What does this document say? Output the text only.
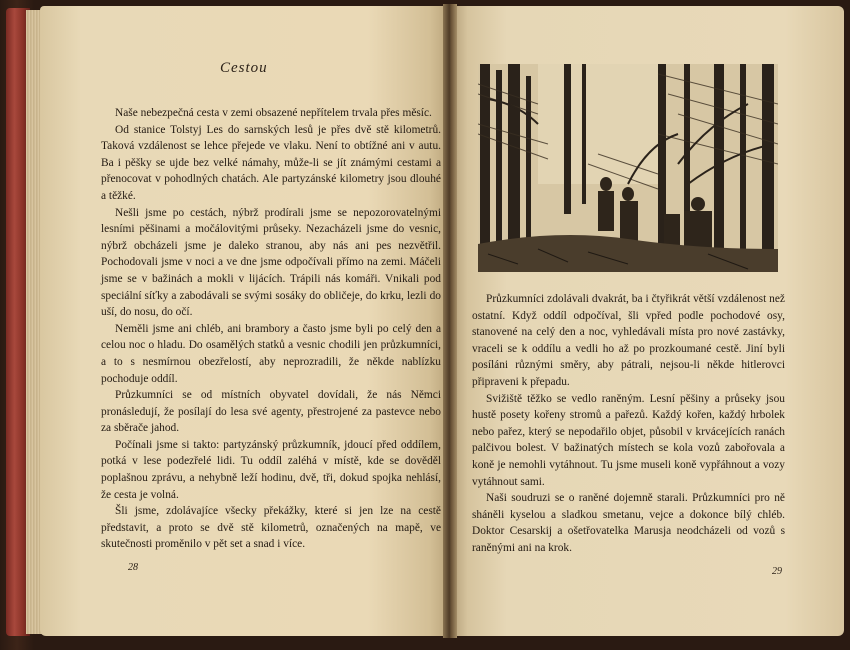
Cestou

Naše nebezpečná cesta v zemi obsazené nepřítelem trvala přes měsíc.

Od stanice Tolstyj Les do sarnských lesů je přes dvě stě kilometrů. Taková vzdálenost se lehce přejede ve vlaku. Není to obtížné ani v autu. Ba i pěšky se ujde bez velké námahy, může-li se jít známými cestami a přenocovat v pohodlných chatách. Ale partyzánské kilometry jsou dlouhé a těžké.

Nešli jsme po cestách, nýbrž prodírali jsme se nepozorovatelnými lesními pěšinami a močálovitými průseky. Nezacházeli jsme do vesnic, nýbrž obcházeli jsme je daleko stranou, aby nás ani pes nezvětřil. Pochodovali jsme v noci a ve dne jsme odpočívali přímo na zemi. Máčeli jsme se v bažinách a mokli v lijácích. Trápili nás komáři. Vnikali pod speciální síťky a zabodávali se svými sosáky do obličeje, do krku, lezli do uší, do nosu, do očí.

Neměli jsme ani chléb, ani brambory a často jsme byli po celý den a celou noc o hladu. Do osamělých statků a vesnic chodili jen průzkumníci, a to s nesmírnou obezřelostí, aby neprozradili, že někde nablízku pochoduje oddíl.

Průzkumníci se od místních obyvatel dovídali, že nás Němci pronásledují, že posílají do lesa své agenty, přestrojené za pastevce nebo za sběrače jahod.

Počínali jsme si takto: partyzánský průzkumník, jdoucí před oddílem, potká v lese podezřelé lidi. Tu oddíl zaléhá v místě, kde se dověděl poplašnou zprávu, a nehybně leží hodinu, dvě, tři, dokud spojka nehlásí, že cesta je volná.

Šli jsme, zdolávajíce všecky překážky, které si jen lze na cestě představit, a proto se dvě stě kilometrů, označených na mapě, ve skutečnosti proměnilo v pět set a snad i více.

28

Průzkumníci zdolávali dvakrát, ba i čtyřikrát větší vzdálenost než ostatní. Když oddíl odpočíval, šli vpřed podle pochodové osy, stanovené na celý den a noc, vyhledávali místa pro nové zastávky, vraceli se k oddílu a vedli ho až po prozkoumané cestě. Jiní byli posíláni různými směry, aby pátrali, nejsou-li někde hitlerovci připraveni k přepadu.

Svižiště těžko se vedlo raněným. Lesní pěšiny a průseky jsou hustě posety kořeny stromů a pařezů. Každý kořen, každý hrbolek nebo pařez, který se nepodařilo objet, působil v krvácejících ranách palčivou bolest. V bažinatých místech se kola vozů zabořovala a koně je nemohli vytáhnout. Tu jsme museli koně vypřáhnout a vozy vytáhnout sami.

Naši soudruzi se o raněné dojemně starali. Průzkumníci pro ně sháněli kyselou a sladkou smetanu, vejce a dokonce bílý chléb. Doktor Cesarskij a ošetřovatelka Marusja neodcházeli od vozů s raněnými ani na krok.

29
